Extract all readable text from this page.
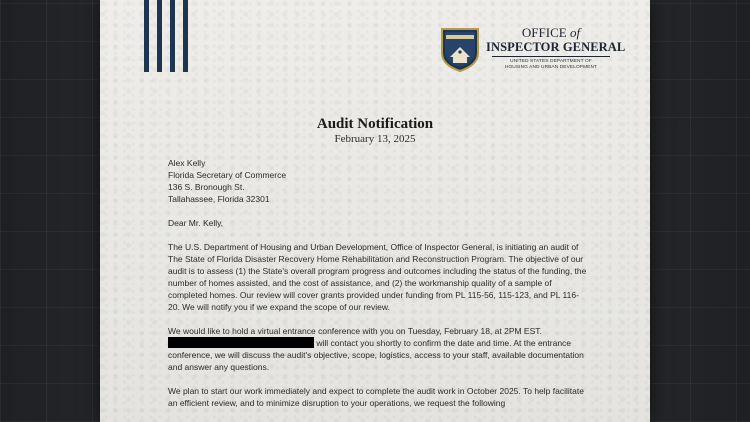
OFFICE of
INSPECTOR GENERAL
UNITED STATES DEPARTMENT OF
HOUSING AND URBAN DEVELOPMENT
Audit Notification
February 13, 2025
Alex Kelly
Florida Secretary of Commerce
136 S. Bronough St.
Tallahassee, Florida 32301
Dear Mr. Kelly,
The U.S. Department of Housing and Urban Development, Office of Inspector General, is initiating an audit of The State of Florida Disaster Recovery Home Rehabilitation and Reconstruction Program. The objective of our audit is to assess (1) the State's overall program progress and outcomes including the status of the funding, the number of homes assisted, and the cost of assistance, and (2) the workmanship quality of a sample of completed homes. Our review will cover grants provided under funding from PL 115-56, 115-123, and PL 116-20. We will notify you if we expand the scope of our review.
We would like to hold a virtual entrance conference with you on Tuesday, February 18, at 2PM EST.  will contact you shortly to confirm the date and time. At the entrance conference, we will discuss the audit's objective, scope, logistics, access to your staff, available documentation and answer any questions.
We plan to start our work immediately and expect to complete the audit work in October 2025. To help facilitate an efficient review, and to minimize disruption to your operations, we request the following
